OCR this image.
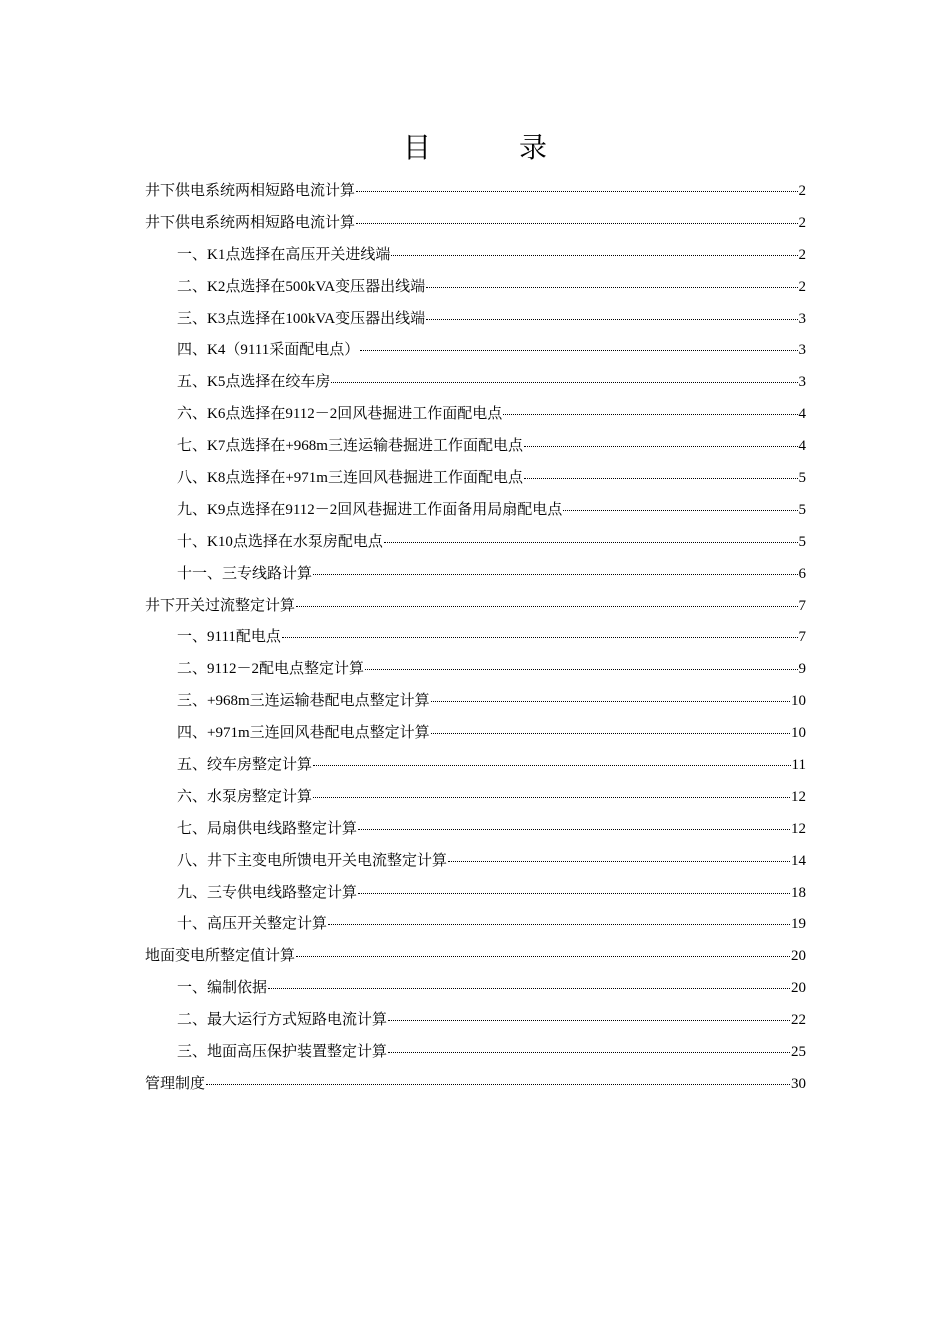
目　录
井下供电系统两相短路电流计算	2
井下供电系统两相短路电流计算	2
一、K1点选择在高压开关进线端	2
二、K2点选择在500kVA变压器出线端	2
三、K3点选择在100kVA变压器出线端	3
四、K4（9111采面配电点）	3
五、K5点选择在绞车房	3
六、K6点选择在9112－2回风巷掘进工作面配电点	4
七、K7点选择在+968m三连运输巷掘进工作面配电点	4
八、K8点选择在+971m三连回风巷掘进工作面配电点	5
九、K9点选择在9112－2回风巷掘进工作面备用局扇配电点	5
十、K10点选择在水泵房配电点	5
十一、三专线路计算	6
井下开关过流整定计算	7
一、9111配电点	7
二、9112－2配电点整定计算	9
三、+968m三连运输巷配电点整定计算	10
四、+971m三连回风巷配电点整定计算	10
五、绞车房整定计算	11
六、水泵房整定计算	12
七、局扇供电线路整定计算	12
八、井下主变电所馈电开关电流整定计算	14
九、三专供电线路整定计算	18
十、高压开关整定计算	19
地面变电所整定值计算	20
一、编制依据	20
二、最大运行方式短路电流计算	22
三、地面高压保护装置整定计算	25
管理制度	30
